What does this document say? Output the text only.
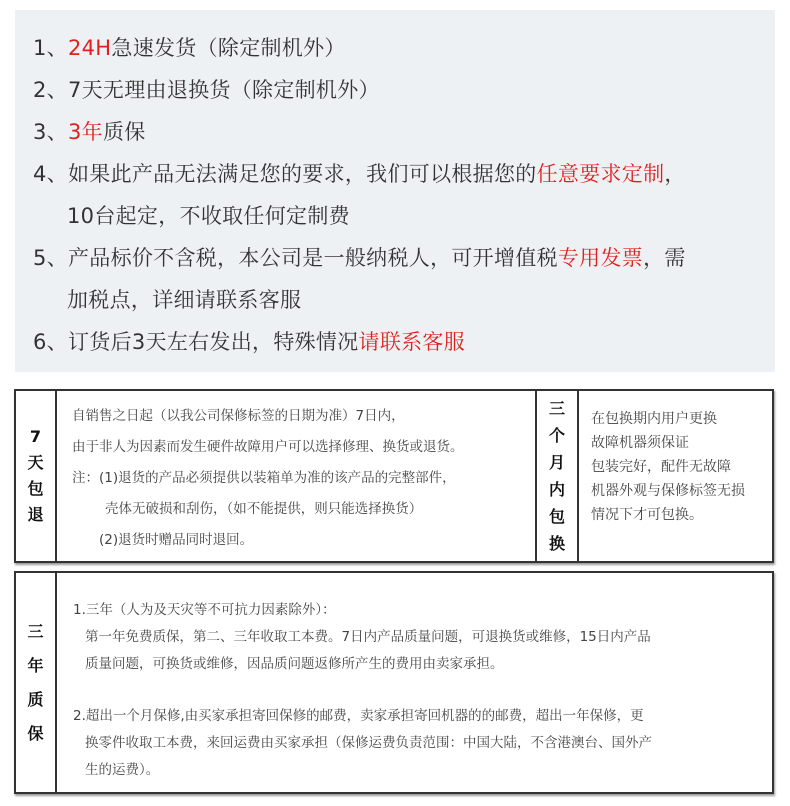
1、24H急速发货（除定制机外）
2、7天无理由退换货（除定制机外）
3、3年质保
4、如果此产品无法满足您的要求，我们可以根据您的任意要求定制，
10台起定，不收取任何定制费
5、产品标价不含税，本公司是一般纳税人，可开增值税专用发票，需
加税点，详细请联系客服
6、订货后3天左右发出，特殊情况请联系客服
7
天
包
退
自销售之日起（以我公司保修标签的日期为准）7日内，
由于非人为因素而发生硬件故障用户可以选择修理、换货或退货。
注：(1)退货的产品必须提供以装箱单为准的该产品的完整部件，
壳体无破损和刮伤，（如不能提供，则只能选择换货）
(2)退货时赠品同时退回。
三
个
月
内
包
换
在包换期内用户更换
故障机器须保证
包装完好，配件无故障
机器外观与保修标签无损
情况下才可包换。
三
年
质
保
1.三年（人为及天灾等不可抗力因素除外）：
第一年免费质保，第二、三年收取工本费。7日内产品质量问题，可退换货或维修，15日内产品
质量问题，可换货或维修，因品质问题返修所产生的费用由卖家承担。
2.超出一个月保修,由买家承担寄回保修的邮费，卖家承担寄回机器的的邮费，超出一年保修，更
换零件收取工本费，来回运费由买家承担（保修运费负责范围：中国大陆，不含港澳台、国外产
生的运费）。
